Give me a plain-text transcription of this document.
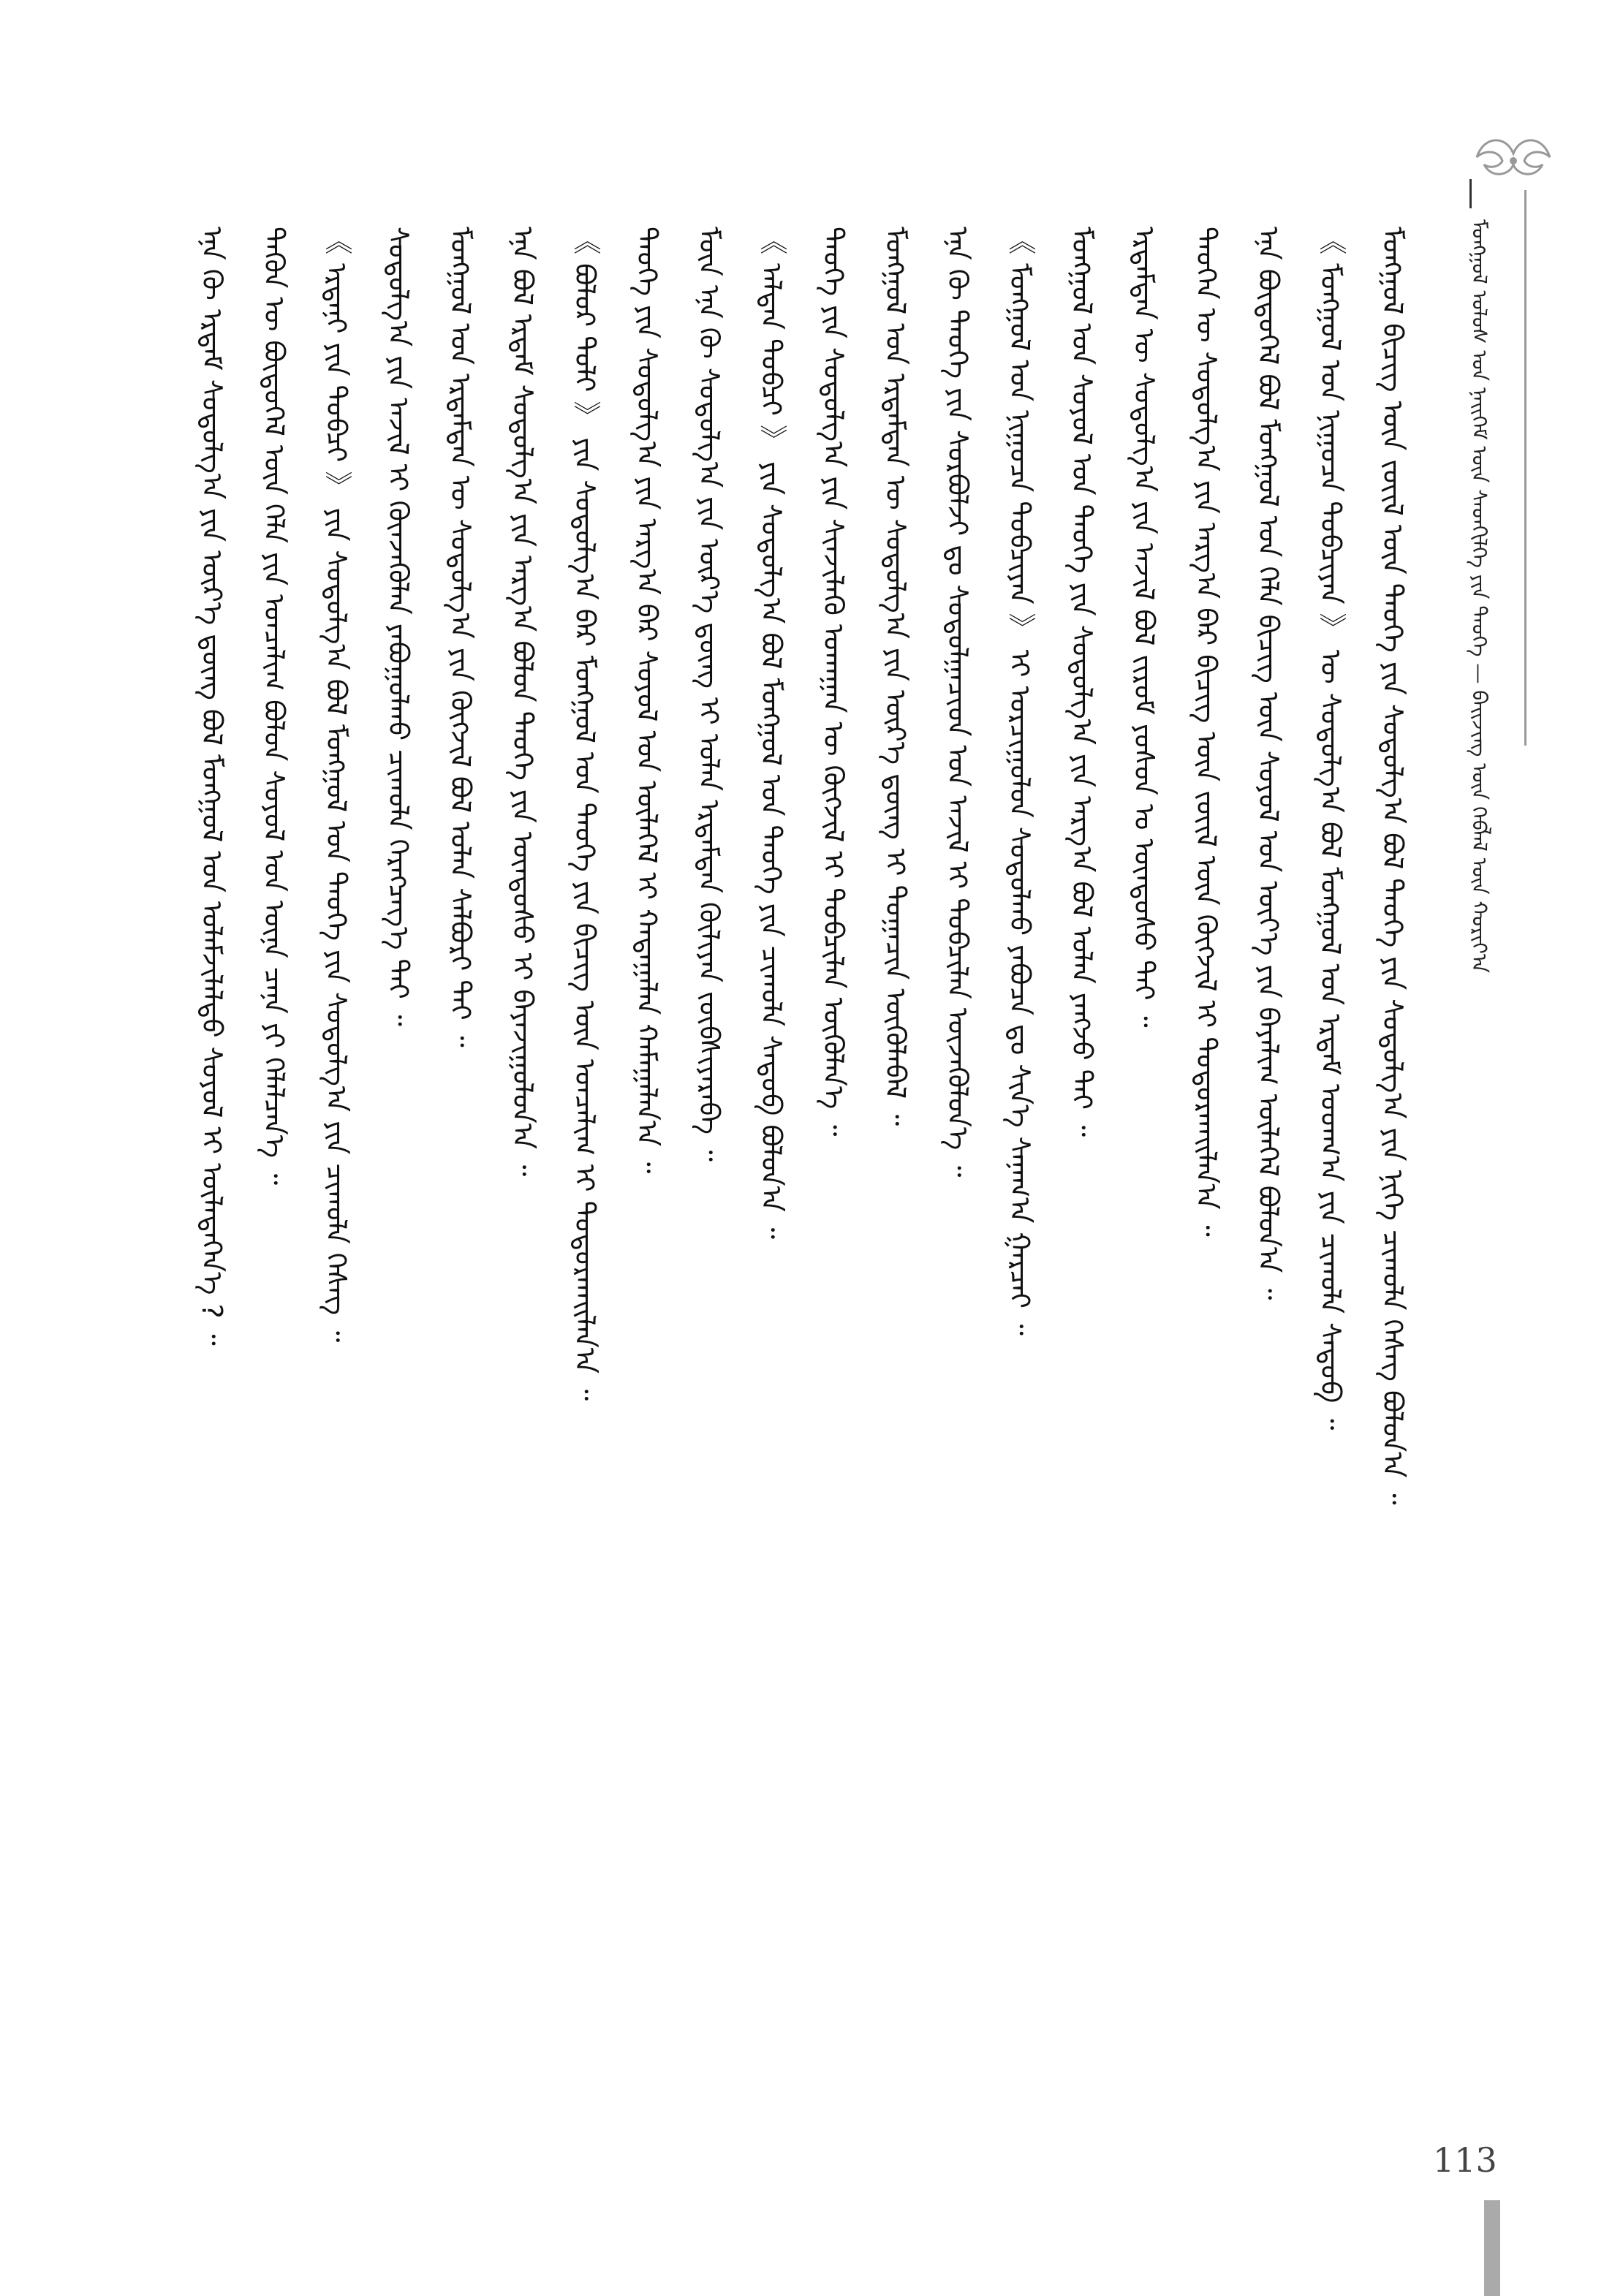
ᠮᠣᠩᠭᠣᠯ ᠤᠯᠤᠰ ᠤᠨ ᠨᠡᠢᠭᠡᠮ ᠦᠨ ᠰᠡᠳᠬᠢᠯᠭᠡ ᠶᠢᠨ ᠲᠡᠦᠬᠡ — ᠪᠡᠢᠵᠢᠩ ᠦᠨ ᠬᠡᠪᠯᠡᠯ ᠦᠨ ᠬᠣᠷᠢᠶ᠎ᠠ
ᠮᠣᠩᠭᠣᠯ ᠪᠢᠴᠢᠭ ᠦᠨ ᠵᠦᠢᠯ ᠦᠨ ᠲᠡᠦᠬᠡ ᠶᠢᠨ ᠰᠤᠳᠤᠯᠭ᠎ᠠ ᠪᠤᠯ ᠲᠡᠦᠬᠡ ᠶᠢᠨ ᠰᠤᠳᠤᠯᠭ᠎ᠠ ᠶᠢᠨ ᠨᠢᠭᠡ ᠴᠢᠬᠤᠯᠠ ᠬᠡᠰᠡᠭ ᠪᠣᠯᠤᠨ᠎ᠠ ᠃
《 ᠮᠣᠩᠭᠣᠯ ᠤᠨ ᠨᠢᠭᠤᠴᠠ ᠲᠣᠪᠴᠢᠶᠠᠨ 》 ᠦ ᠰᠤᠳᠤᠯᠭ᠎ᠠ ᠪᠣᠯ ᠮᠣᠩᠭᠣᠯ ᠤᠨ ᠡᠷᠳᠡᠮ ᠤᠳᠬ᠎ᠠ ᠶᠢᠨ ᠴᠢᠬᠤᠯᠠ ᠰᠡᠳᠦᠪ ᠃
ᠡᠨᠡ ᠪᠦᠲᠦᠭᠡᠯ ᠪᠣᠯ ᠮᠣᠩᠭᠣᠯ ᠤᠨ ᠬᠡᠯᠡ ᠪᠢᠴᠢᠭ ᠦᠨ ᠰᠣᠶᠣᠯ ᠤᠨ ᠦᠶ᠎ᠡ ᠶᠢᠨ ᠪᠠᠶᠠᠯᠢᠭ ᠦᠯᠡᠭᠡᠯ ᠪᠣᠯᠤᠨ᠎ᠠ ᠃
ᠲᠡᠦᠬᠡᠨ ᠦ ᠰᠤᠳᠤᠯᠭ᠎ᠠ ᠶᠢᠨ ᠠᠷᠭ᠎ᠠ ᠪᠠᠷ ᠪᠢᠴᠢᠭ ᠦᠨ ᠵᠦᠢᠯ ᠦᠨ ᠬᠥᠭᠵᠢᠯ ᠢ ᠲᠣᠳᠣᠷᠬᠠᠢᠯᠠᠨ᠎ᠠ ᠃
ᠡᠷᠳᠡᠮᠲᠡᠨ ᠦ ᠰᠤᠳᠤᠯᠭ᠎ᠠ ᠶᠢᠨ ᠠᠵᠢᠯ ᠪᠣᠯ ᠵᠢᠷᠤᠮ ᠶᠣᠰᠤᠨ ᠤ ᠦᠨᠳᠦᠰᠦ ᠲᠡᠢ ᠃
ᠮᠣᠩᠭᠣᠯ ᠤᠨ ᠰᠣᠶᠣᠯ ᠤᠨ ᠲᠡᠦᠬᠡ ᠶᠢᠨ ᠰᠤᠳᠤᠯᠭ᠎ᠠ ᠶᠢᠨ ᠠᠷᠭ᠎ᠠ ᠪᠣᠯ ᠣᠯᠠᠨ ᠶᠠᠩᠵᠤ ᠲᠠᠢ ᠃
《 ᠮᠣᠩᠭᠣᠯ ᠤᠨ ᠨᠢᠭᠤᠴᠠ ᠲᠣᠪᠴᠢᠶᠠᠨ 》 ᠢ ᠣᠷᠴᠢᠭᠤᠯᠤᠨ ᠰᠤᠳᠤᠯᠬᠤ ᠶᠠᠪᠤᠴᠠ ᠳᠤ ᠰᠢᠨ᠎ᠡ ᠰᠠᠨᠠᠭ᠎ᠠ ᠭᠠᠷᠴᠠᠢ ᠃
ᠡᠨᠡ ᠬᠦ ᠲᠡᠦᠬᠡ ᠶᠢᠨ ᠰᠤᠷᠪᠤᠯᠵᠢ ᠳᠤ ᠰᠤᠳᠤᠯᠭᠠᠴᠢᠳ ᠤᠨ ᠠᠵᠢᠯ ᠢ ᠲᠣᠪᠴᠢᠯᠠᠨ ᠦᠵᠡᠭᠦᠯᠦᠨ᠎ᠡ ᠃
ᠮᠣᠩᠭᠣᠯ ᠤᠨ ᠡᠷᠳᠡᠮᠲᠡᠨ ᠦ ᠰᠤᠳᠤᠯᠭ᠎ᠠ ᠶᠢᠨ ᠦᠷ᠎ᠡ ᠳ᠋ᠦᠩ ᠢ ᠲᠣᠭᠠᠴᠢᠨ ᠦᠭᠦᠯᠡᠪᠡᠯ ᠃
ᠲᠡᠦᠬᠡ ᠶᠢᠨ ᠰᠤᠳᠤᠯᠭ᠎ᠠ ᠶᠢᠨ ᠰᠢᠨᠵᠢᠯᠡᠬᠦ ᠤᠬᠠᠭᠠᠨ ᠦ ᠬᠥᠭᠵᠢᠯ ᠢ ᠲᠣᠪᠴᠢᠯᠠᠨ ᠦᠭᠦᠯᠡᠨ᠎ᠡ ᠃
《 ᠠᠯᠲᠠᠨ ᠲᠣᠪᠴᠢ 》 ᠶᠢᠨ ᠰᠤᠳᠤᠯᠭ᠎ᠠ ᠪᠣᠯ ᠮᠣᠩᠭᠣᠯ ᠤᠨ ᠲᠡᠦᠬᠡ ᠶᠢᠨ ᠴᠢᠬᠤᠯᠠ ᠰᠡᠳᠦᠪ ᠪᠣᠯᠤᠨ᠎ᠠ ᠃
ᠮᠥᠨ ᠡᠨᠡ ᠬᠦ ᠰᠤᠳᠤᠯᠭ᠎ᠠ ᠶᠢᠨ ᠦᠷ᠎ᠡ ᠳ᠋ᠦᠩ ᠢ ᠣᠯᠠᠨ ᠡᠷᠳᠡᠮᠲᠡᠨ ᠬᠦᠯᠢᠶᠡᠨ ᠵᠥᠪᠰᠢᠶᠡᠷᠡᠪᠡ ᠃
ᠲᠡᠦᠬᠡ ᠶᠢᠨ ᠰᠤᠳᠤᠯᠭ᠎ᠠ ᠶᠢᠨ ᠠᠷᠭ᠎ᠠ ᠪᠠᠷ ᠰᠣᠶᠣᠯ ᠤᠨ ᠦᠯᠡᠭᠡᠯ ᠢ ᠬᠠᠳᠠᠭᠠᠯᠠᠨ ᠬᠠᠮᠠᠭᠠᠯᠠᠨ᠎ᠠ ᠃
《 ᠪᠣᠯᠣᠷ ᠲᠣᠯᠢ 》 ᠶᠢᠨ ᠰᠤᠳᠤᠯᠭ᠎ᠠ ᠪᠠᠷ ᠮᠣᠩᠭᠣᠯ ᠤᠨ ᠲᠡᠦᠬᠡ ᠶᠢᠨ ᠪᠢᠴᠢᠭ ᠦᠨ ᠣᠨᠴᠠᠯᠢᠭ ᠢ ᠲᠣᠳᠣᠷᠬᠠᠢᠯᠠᠨ᠎ᠠ ᠃
ᠡᠨᠡ ᠪᠣᠯ ᠡᠷᠳᠡᠮ ᠰᠤᠳᠤᠯᠭ᠎ᠠ ᠶᠢᠨ ᠠᠷᠭ᠎ᠠ ᠪᠣᠯᠤᠨ ᠲᠡᠦᠬᠡ ᠶᠢᠨ ᠦᠨᠳᠦᠰᠦ ᠢ ᠪᠠᠶᠠᠵᠢᠭᠤᠯᠤᠨ᠎ᠠ ᠃
ᠮᠣᠩᠭᠣᠯ ᠤᠨ ᠡᠷᠳᠡᠮᠲᠡᠨ ᠦ ᠰᠤᠳᠤᠯᠭ᠎ᠠ ᠶᠢᠨ ᠬᠥᠭᠵᠢᠯ ᠪᠣᠯ ᠣᠯᠠᠨ ᠰᠠᠯᠪᠤᠷᠢ ᠲᠠᠢ ᠃
ᠰᠤᠳᠤᠯᠭ᠎ᠠ ᠶᠢᠨ ᠠᠵᠢᠯ ᠢ ᠭᠦᠨᠵᠡᠭᠦᠯᠡᠨ ᠶᠠᠪᠤᠭᠤᠯᠬᠤ ᠴᠢᠬᠤᠯᠠ ᠬᠡᠷᠡᠭᠴᠡᠭ᠎ᠡ ᠲᠠᠢ ᠃
《 ᠡᠷᠳᠡᠨᠢ ᠶᠢᠨ ᠲᠣᠪᠴᠢ 》 ᠶᠢᠨ ᠰᠤᠳᠤᠯᠭ᠎ᠠ ᠪᠣᠯ ᠮᠣᠩᠭᠣᠯ ᠤᠨ ᠲᠡᠦᠬᠡ ᠶᠢᠨ ᠰᠤᠳᠤᠯᠭ᠎ᠠ ᠶᠢᠨ ᠴᠢᠬᠤᠯᠠ ᠬᠡᠰᠡᠭ ᠃
ᠲᠡᠭᠦᠨ ᠦ ᠪᠦᠲᠦᠭᠡᠯ ᠦᠨ ᠬᠡᠯᠡ ᠶᠢᠨ ᠣᠨᠴᠠᠯᠢᠭ ᠪᠣᠯᠤᠨ ᠰᠣᠶᠣᠯ ᠤᠨ ᠦᠨᠡ ᠴᠡᠨᠡ ᠶᠢ ᠬᠡᠯᠡᠯᠴᠡᠨ᠎ᠡ ᠃
ᠡᠨᠡ ᠬᠦ ᠡᠷᠳᠡᠮ ᠰᠤᠳᠤᠯᠭ᠎ᠠ ᠶᠢᠨ ᠦᠷ᠎ᠡ ᠳ᠋ᠦᠩ ᠪᠣᠯ ᠮᠣᠩᠭᠣᠯ ᠤᠨ ᠤᠯᠠᠮᠵᠢᠯᠠᠯᠳᠤ ᠰᠣᠶᠣᠯ ᠢ ᠦᠯᠡᠳᠡᠭᠡᠨ᠎ᠡ ? ᠃
113
